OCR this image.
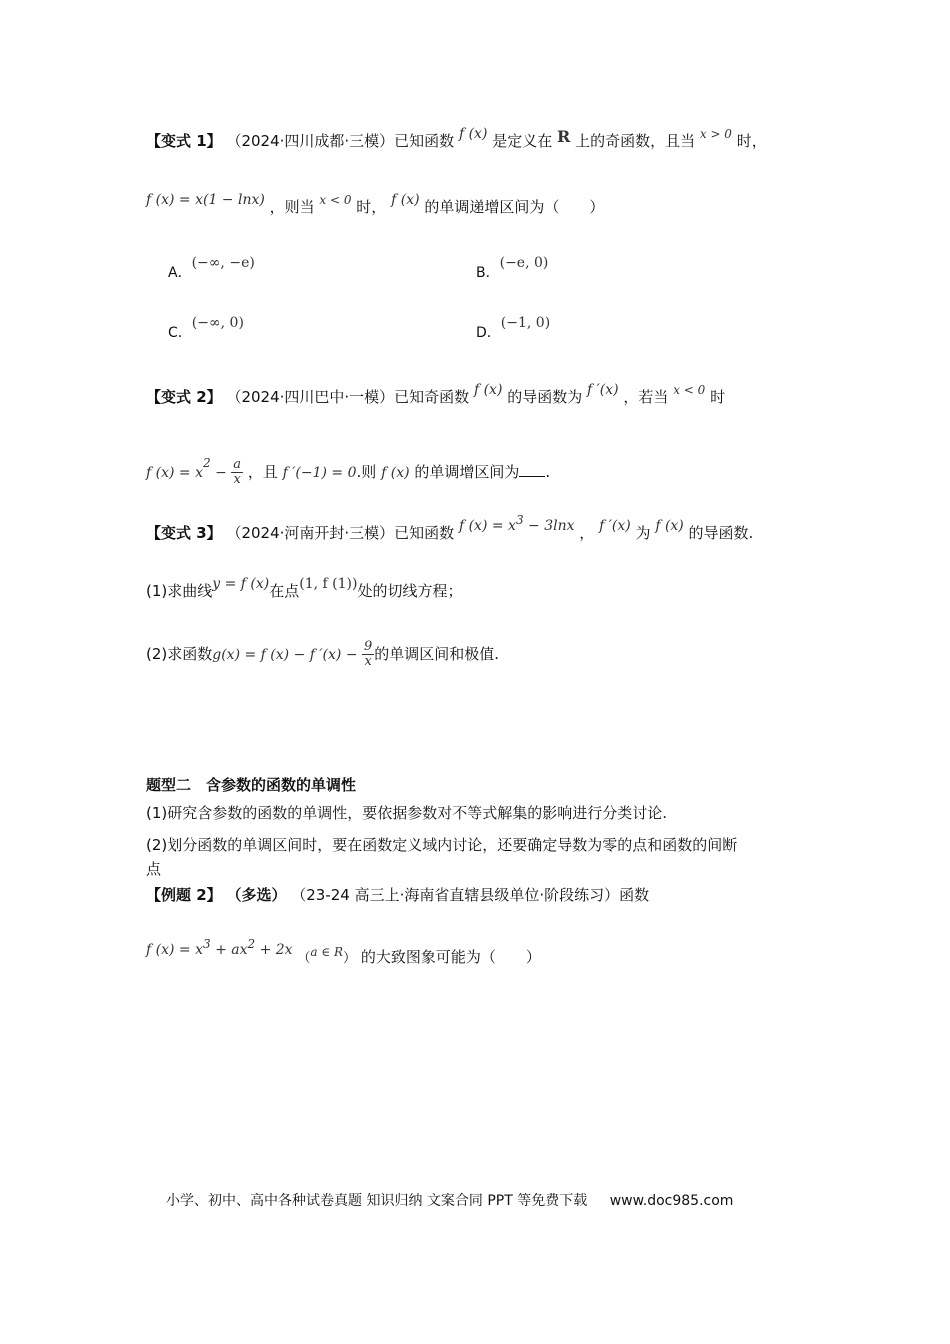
【变式 1】 （2024·四川成都·三模）已知函数 f (x) 是定义在 R 上的奇函数，且当 $^{x > 0}$ 时，
f (x) = x(1 − lnx) ，则当 $^{x < 0}$ 时， f (x) 的单调递增区间为（　　）
A．(−∞, −e)
B．(−e, 0)
C．(−∞, 0)
D．(−1, 0)
【变式 2】 （2024·四川巴中·一模）已知奇函数 f (x) 的导函数为 f ′(x) ，若当 $^{x < 0}$ 时
f $(x) = x^2 - \frac{a}{x}$ ，且 f ′(−1) = 0.则 f (x) 的单调增区间为 .
【变式 3】 （2024·河南开封·三模）已知函数 f $(x) = x^3 - 3\ln x$ ， f ′(x) 为 f (x) 的导函数.
(1)求曲线y = f (x)在点(1, f (1))处的切线方程；
(2)求函数g(x) = f (x) − f $'(x) - \frac{9}{x}$ 的单调区间和极值.
题型二　含参数的函数的单调性
(1)研究含参数的函数的单调性，要依据参数对不等式解集的影响进行分类讨论.
(2)划分函数的单调区间时，要在函数定义域内讨论，还要确定导数为零的点和函数的间断
点
【例题 2】 （多选） （23-24 高三上·海南省直辖县级单位·阶段练习）函数
f $(x) = x^3 + ax^2 + 2x$ （$^{a \in R}$） 的大致图象可能为（　　）
小学、初中、高中各种试卷真题 知识归纳 文案合同 PPT 等免费下载 www.doc985.com
